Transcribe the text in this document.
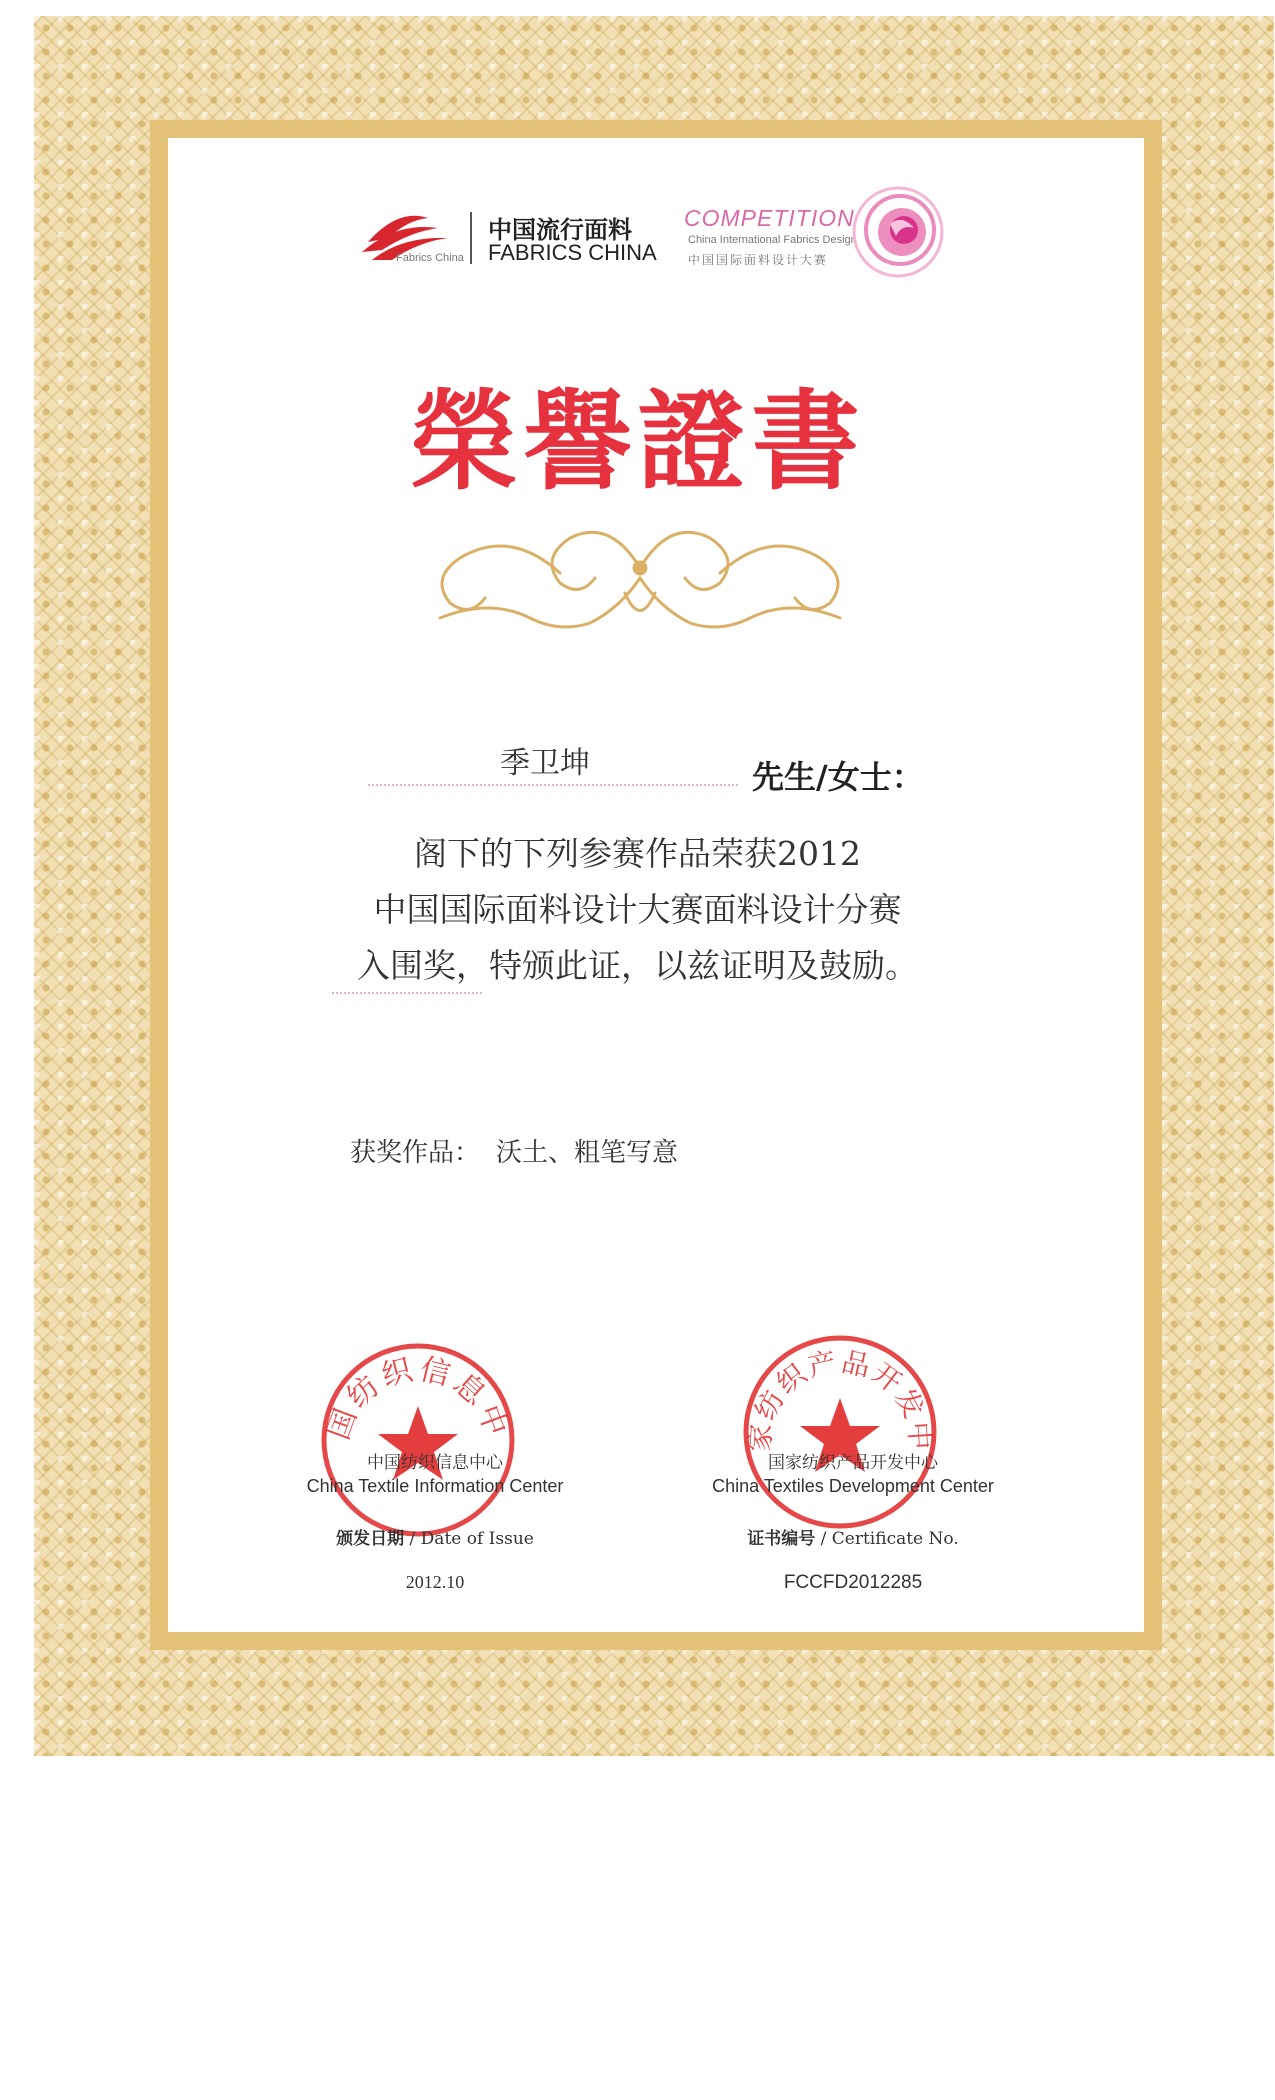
Fabrics China
中国流行面料
FABRICS CHINA
COMPETITION
China International Fabrics Design
中国国际面料设计大赛
榮譽證書
季卫坤	先生/女士：
阁下的下列参赛作品荣获2012
中国国际面料设计大赛面料设计分赛
入围奖，特颁此证，以兹证明及鼓励。
获奖作品： 沃土、粗笔写意
国纺织信息中
中国纺织信息中心
China Textile Information Center
颁发日期 / Date of Issue
2012.10
家纺织产品开发中
国家纺织产品开发中心
China Textiles Development Center
证书编号 / Certificate No.
FCCFD2012285
